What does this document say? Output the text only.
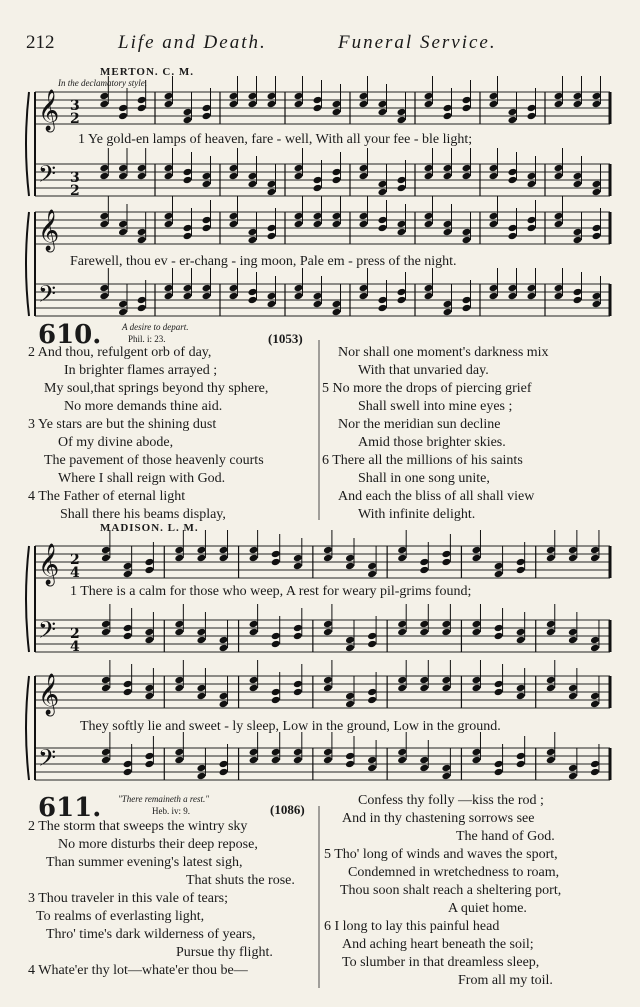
212	Life and Death.	Funeral Service.
MERTON. C. M.
In the declamatory style.
𝄞
𝄢
𝄞
𝄢
𝄞
𝄢
𝄞
𝄢
3
2
3
2
2
4
2
4
1 Ye gold-en lamps of heaven, fare - well, With all your fee - ble light;
Farewell, thou ev - er-chang - ing moon, Pale em - press of the night.
610. A desire to depart.
Phil. i: 23.	(1053)
2 And thou, refulgent orb of day,
In brighter flames arrayed ;
My soul,that springs beyond thy sphere,
No more demands thine aid.
3 Ye stars are but the shining dust
Of my divine abode,
The pavement of those heavenly courts
Where I shall reign with God.
4 The Father of eternal light
Shall there his beams display,
Nor shall one moment's darkness mix
With that unvaried day.
5 No more the drops of piercing grief
Shall swell into mine eyes ;
Nor the meridian sun decline
Amid those brighter skies.
6 There all the millions of his saints
Shall in one song unite,
And each the bliss of all shall view
With infinite delight.
MADISON. L. M.
1 There is a calm for those who weep, A rest for weary pil-grims found;
They softly lie and sweet - ly sleep, Low in the ground, Low in the ground.
611. "There remaineth a rest."
Heb. iv: 9.	(1086)
2 The storm that sweeps the wintry sky
No more disturbs their deep repose,
Than summer evening's latest sigh,
That shuts the rose.
3 Thou traveler in this vale of tears;
To realms of everlasting light,
Thro' time's dark wilderness of years,
Pursue thy flight.
4 Whate'er thy lot—whate'er thou be—
Confess thy folly —kiss the rod ;
And in thy chastening sorrows see
The hand of God.
5 Tho' long of winds and waves the sport,
Condemned in wretchedness to roam,
Thou soon shalt reach a sheltering port,
A quiet home.
6 I long to lay this painful head
And aching heart beneath the soil;
To slumber in that dreamless sleep,
From all my toil.
